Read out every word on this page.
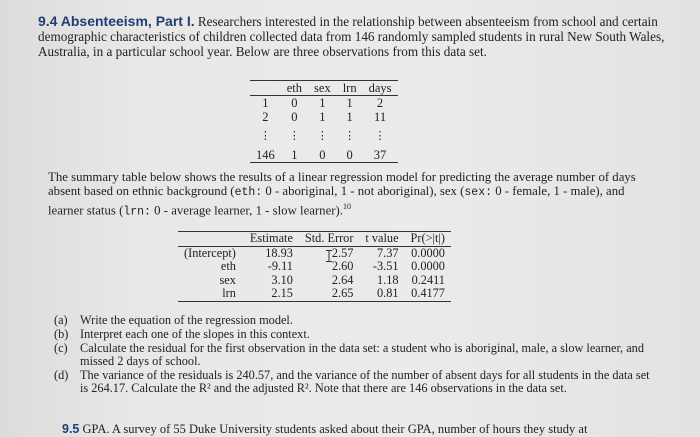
9.4 Absenteeism, Part I. Researchers interested in the relationship between absenteeism from school and certain demographic characteristics of children collected data from 146 randomly sampled students in rural New South Wales, Australia, in a particular school year. Below are three observations from this data set.
	eth	sex	lrn	days
1	0	1	1	2
2	0	1	1	11
⋮	⋮	⋮	⋮	⋮
146	1	0	0	37
The summary table below shows the results of a linear regression model for predicting the average number of days absent based on ethnic background (eth: 0 - aboriginal, 1 - not aboriginal), sex (sex: 0 - female, 1 - male), and learner status (lrn: 0 - average learner, 1 - slow learner).$^{10}$
	Estimate	Std. Error	t value	Pr(>|t|)
(Intercept)	18.93	2.57	7.37	0.0000
eth	-9.11	2.60	-3.51	0.0000
sex	3.10	2.64	1.18	0.2411
lrn	2.15	2.65	0.81	0.4177
(a)	Write the equation of the regression model.
(b) Interpret each one of the slopes in this context.
(c)	Calculate the residual for the first observation in the data set: a student who is aboriginal, male, a slow learner, and missed 2 days of school.
(d) The variance of the residuals is 240.57, and the variance of the number of absent days for all students in the data set is 264.17. Calculate the R² and the adjusted R². Note that there are 146 observations in the data set.
9.5 GPA. A survey of 55 Duke University students asked about their GPA, number of hours they study at
